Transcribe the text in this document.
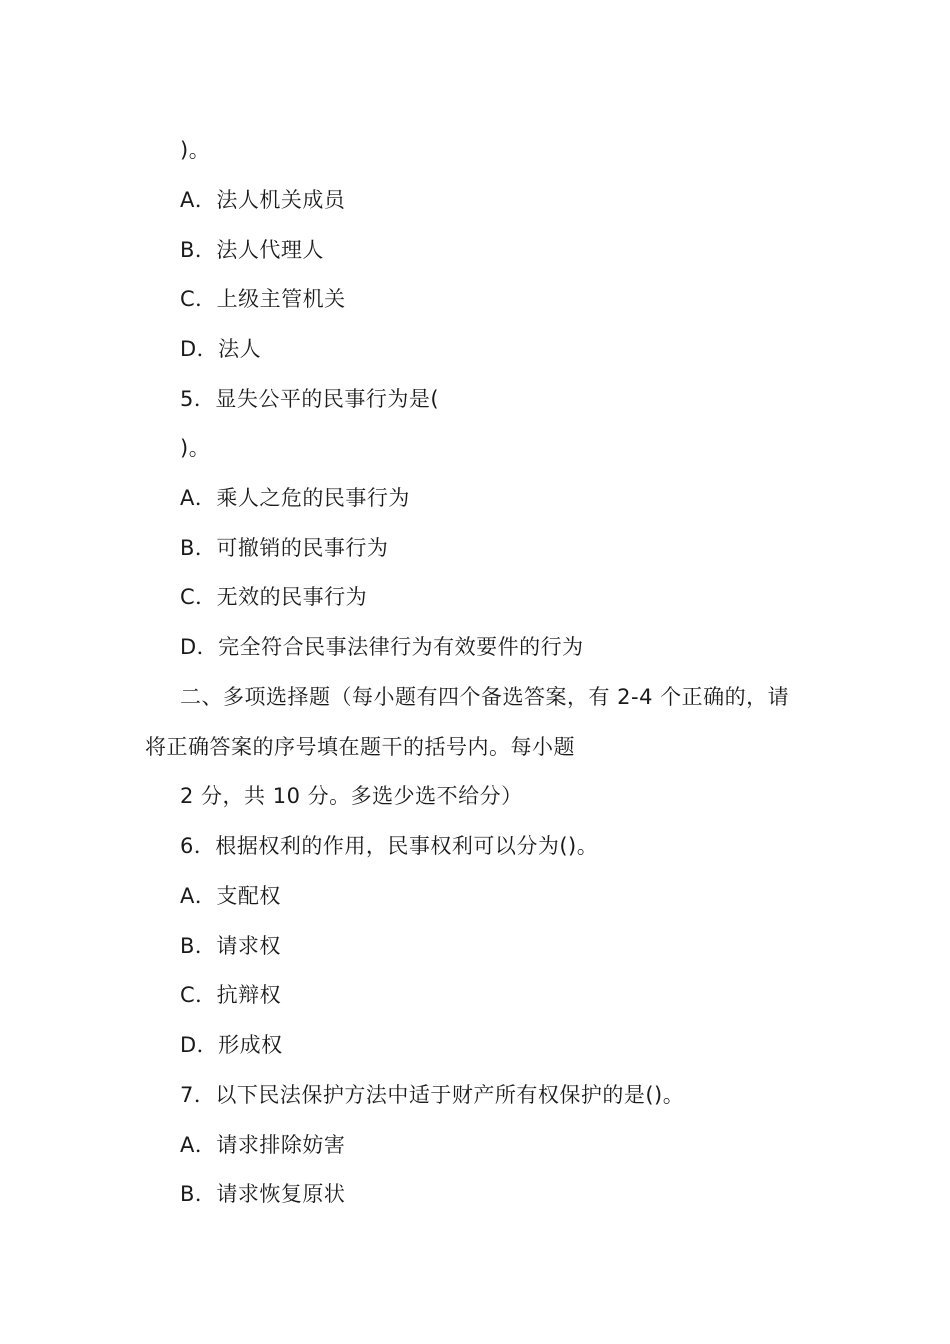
)。
A．法人机关成员
B．法人代理人
C．上级主管机关
D．法人
5．显失公平的民事行为是(
)。
A．乘人之危的民事行为
B．可撤销的民事行为
C．无效的民事行为
D．完全符合民事法律行为有效要件的行为
二、多项选择题（每小题有四个备选答案，有 2-4 个正确的，请
将正确答案的序号填在题干的括号内。每小题
2 分，共 10 分。多选少选不给分）
6．根据权利的作用，民事权利可以分为()。
A．支配权
B．请求权
C．抗辩权
D．形成权
7．以下民法保护方法中适于财产所有权保护的是()。
A．请求排除妨害
B．请求恢复原状
